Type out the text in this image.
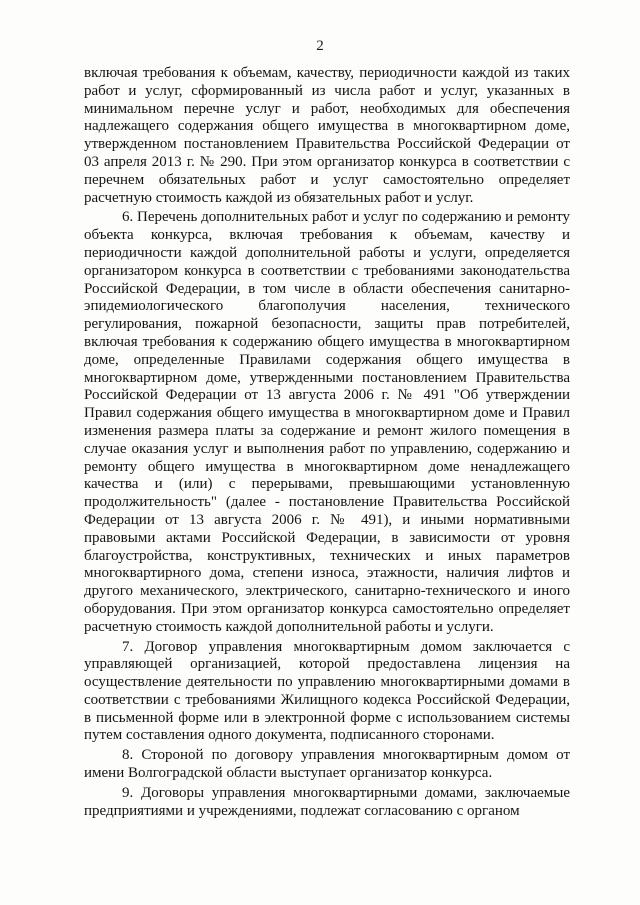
2

включая требования к объемам, качеству, периодичности каждой из таких работ и услуг, сформированный из числа работ и услуг, указанных в минимальном перечне услуг и работ, необходимых для обеспечения надлежащего содержания общего имущества в многоквартирном доме, утвержденном постановлением Правительства Российской Федерации от 03 апреля 2013 г. № 290. При этом организатор конкурса в соответствии с перечнем обязательных работ и услуг самостоятельно определяет расчетную стоимость каждой из обязательных работ и услуг.

6. Перечень дополнительных работ и услуг по содержанию и ремонту объекта конкурса, включая требования к объемам, качеству и периодичности каждой дополнительной работы и услуги, определяется организатором конкурса в соответствии с требованиями законодательства Российской Федерации, в том числе в области обеспечения санитарно-эпидемиологического благополучия населения, технического регулирования, пожарной безопасности, защиты прав потребителей, включая требования к содержанию общего имущества в многоквартирном доме, определенные Правилами содержания общего имущества в многоквартирном доме, утвержденными постановлением Правительства Российской Федерации от 13 августа 2006 г. № 491 "Об утверждении Правил содержания общего имущества в многоквартирном доме и Правил изменения размера платы за содержание и ремонт жилого помещения в случае оказания услуг и выполнения работ по управлению, содержанию и ремонту общего имущества в многоквартирном доме ненадлежащего качества и (или) с перерывами, превышающими установленную продолжительность" (далее - постановление Правительства Российской Федерации от 13 августа 2006 г. № 491), и иными нормативными правовыми актами Российской Федерации, в зависимости от уровня благоустройства, конструктивных, технических и иных параметров многоквартирного дома, степени износа, этажности, наличия лифтов и другого механического, электрического, санитарно-технического и иного оборудования. При этом организатор конкурса самостоятельно определяет расчетную стоимость каждой дополнительной работы и услуги.

7. Договор управления многоквартирным домом заключается с управляющей организацией, которой предоставлена лицензия на осуществление деятельности по управлению многоквартирными домами в соответствии с требованиями Жилищного кодекса Российской Федерации, в письменной форме или в электронной форме с использованием системы путем составления одного документа, подписанного сторонами.

8. Стороной по договору управления многоквартирным домом от имени Волгоградской области выступает организатор конкурса.

9. Договоры управления многоквартирными домами, заключаемые предприятиями и учреждениями, подлежат согласованию с органом
